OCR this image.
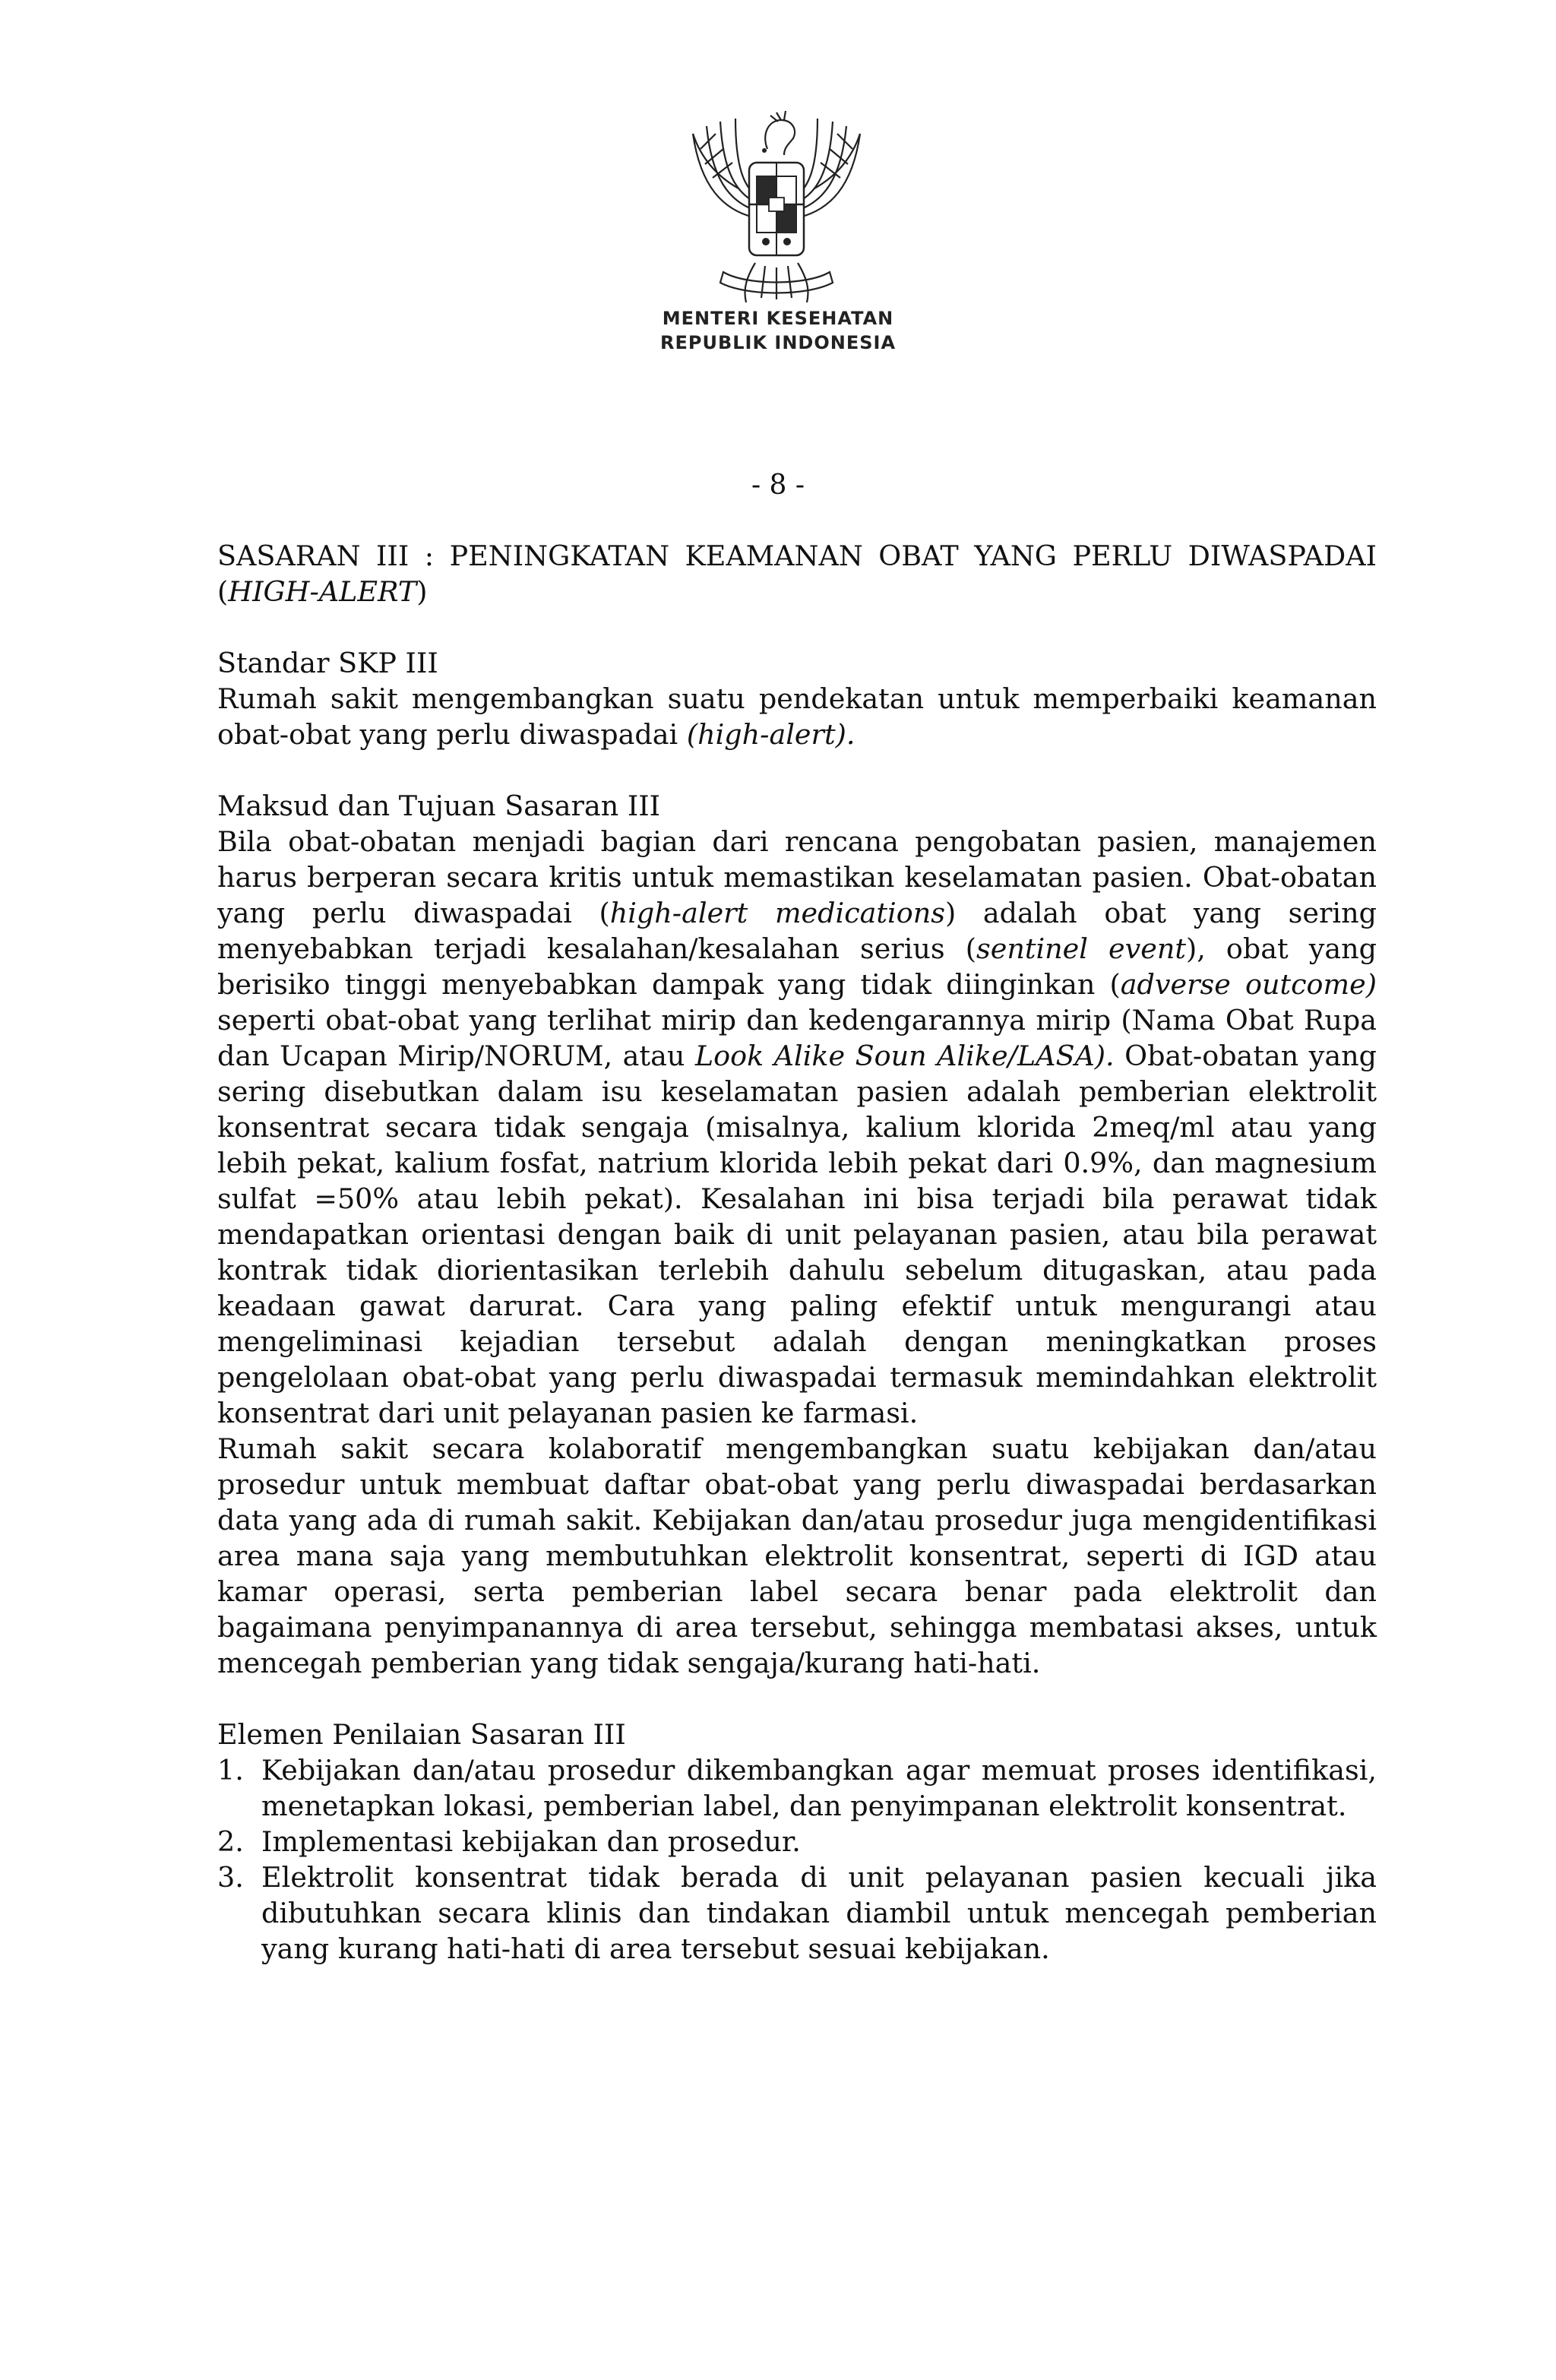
MENTERI KESEHATAN
REPUBLIK INDONESIA
- 8 -

SASARAN III : PENINGKATAN KEAMANAN OBAT YANG PERLU DIWASPADAI

(HIGH-ALERT)

Standar SKP III

Rumah sakit mengembangkan suatu pendekatan untuk memperbaiki keamanan obat-obat yang perlu diwaspadai (high-alert).

Maksud dan Tujuan Sasaran III

Bila obat-obatan menjadi bagian dari rencana pengobatan pasien, manajemen harus berperan secara kritis untuk memastikan keselamatan pasien. Obat-obatan yang perlu diwaspadai (high-alert medications) adalah obat yang sering menyebabkan terjadi kesalahan/kesalahan serius (sentinel event), obat yang berisiko tinggi menyebabkan dampak yang tidak diinginkan (adverse outcome) seperti obat-obat yang terlihat mirip dan kedengarannya mirip (Nama Obat Rupa dan Ucapan Mirip/NORUM, atau Look Alike Soun Alike/LASA). Obat-obatan yang sering disebutkan dalam isu keselamatan pasien adalah pemberian elektrolit konsentrat secara tidak sengaja (misalnya, kalium klorida 2meq/ml atau yang lebih pekat, kalium fosfat, natrium klorida lebih pekat dari 0.9%, dan magnesium sulfat =50% atau lebih pekat). Kesalahan ini bisa terjadi bila perawat tidak mendapatkan orientasi dengan baik di unit pelayanan pasien, atau bila perawat kontrak tidak diorientasikan terlebih dahulu sebelum ditugaskan, atau pada keadaan gawat darurat. Cara yang paling efektif untuk mengurangi atau mengeliminasi kejadian tersebut adalah dengan meningkatkan proses pengelolaan obat-obat yang perlu diwaspadai termasuk memindahkan elektrolit konsentrat dari unit pelayanan pasien ke farmasi.

Rumah sakit secara kolaboratif mengembangkan suatu kebijakan dan/atau prosedur untuk membuat daftar obat-obat yang perlu diwaspadai berdasarkan data yang ada di rumah sakit. Kebijakan dan/atau prosedur juga mengidentifikasi area mana saja yang membutuhkan elektrolit konsentrat, seperti di IGD atau kamar operasi, serta pemberian label secara benar pada elektrolit dan bagaimana penyimpanannya di area tersebut, sehingga membatasi akses, untuk mencegah pemberian yang tidak sengaja/kurang hati-hati.

Elemen Penilaian Sasaran III

1. Kebijakan dan/atau prosedur dikembangkan agar memuat proses identifikasi, menetapkan lokasi, pemberian label, dan penyimpanan elektrolit konsentrat.
2. Implementasi kebijakan dan prosedur.
3. Elektrolit konsentrat tidak berada di unit pelayanan pasien kecuali jika dibutuhkan secara klinis dan tindakan diambil untuk mencegah pemberian yang kurang hati-hati di area tersebut sesuai kebijakan.
